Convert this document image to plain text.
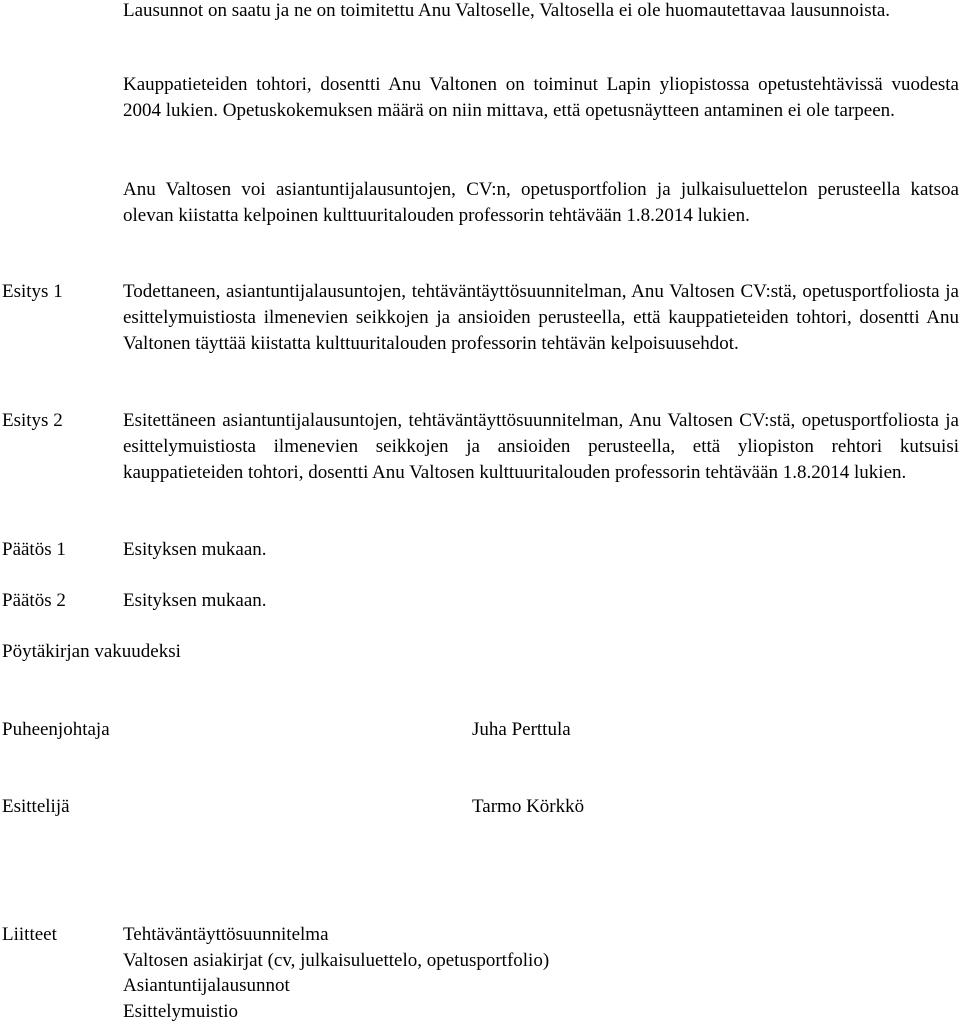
Lausunnot on saatu ja ne on toimitettu Anu Valtoselle, Valtosella ei ole huomautettavaa lausunnoista.

Kauppatieteiden tohtori, dosentti Anu Valtonen on toiminut Lapin yliopistossa opetustehtävissä vuodesta 2004 lukien. Opetuskokemuksen määrä on niin mittava, että opetusnäytteen antaminen ei ole tarpeen.

Anu Valtosen voi asiantuntijalausuntojen, CV:n, opetusportfolion ja julkaisuluettelon perusteella katsoa olevan kiistatta kelpoinen kulttuuritalouden professorin tehtävään 1.8.2014 lukien.

Esitys 1	Todettaneen, asiantuntijalausuntojen, tehtäväntäyttösuunnitelman, Anu Valtosen CV:stä, opetusportfoliosta ja esittelymuistiosta ilmenevien seikkojen ja ansioiden perusteella, että kauppatieteiden tohtori, dosentti Anu Valtonen täyttää kiistatta kulttuuritalouden professorin tehtävän kelpoisuusehdot.

Esitys 2	Esitettäneen asiantuntijalausuntojen, tehtäväntäyttösuunnitelman, Anu Valtosen CV:stä, opetusportfoliosta ja esittelymuistiosta ilmenevien seikkojen ja ansioiden perusteella, että yliopiston rehtori kutsuisi kauppatieteiden tohtori, dosentti Anu Valtosen kulttuuritalouden professorin tehtävään 1.8.2014 lukien.

Päätös 1	Esityksen mukaan.

Päätös 2	Esityksen mukaan.

Pöytäkirjan vakuudeksi

Puheenjohtaja	Juha Perttula

Esittelijä	Tarmo Körkkö

Liitteet	Tehtäväntäyttösuunnitelma
Valtosen asiakirjat (cv, julkaisuluettelo, opetusportfolio)
Asiantuntijalausunnot
Esittelymuistio
